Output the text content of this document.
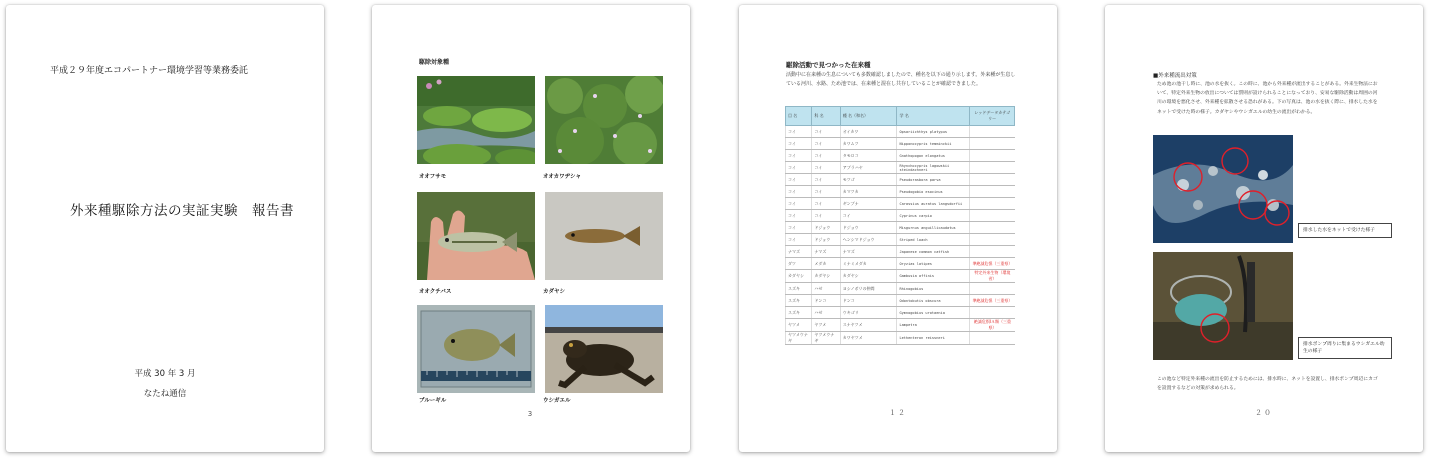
平成２９年度エコパートナー環境学習等業務委託
外来種駆除方法の実証実験　報告書
平成 30 年 3 月
なたね通信
駆除対象種
オオフサモ	オオカワヂシャ
オオクチバス	カダヤシ
ブルーギル	ウシガエル
3
駆除活動で見つかった在来種
活動中に在来種の生息についても多数確認しましたので、種名を以下の通り示します。外来種が生息している河川、水路、ため池では、在来種と混在し共存していることが確認できました。
目 名	科 名	種 名（和名）	学 名	レッドデータカテゴリー
コイ	コイ	オイカワ	Opsariichthys platypus	
コイ	コイ	カワムツ	Nipponocypris temminckii	
コイ	コイ	タモロコ	Gnathopogon elongatus	
コイ	コイ	アブラハヤ	Rhynchocypris lagowskii steindachneri	
コイ	コイ	モツゴ	Pseudorasbora parva	
コイ	コイ	カマツカ	Pseudogobio esocinus	
コイ	コイ	ギンブナ	Carassius auratus langsdorfii	
コイ	コイ	コイ	Cyprinus carpio	
コイ	ドジョウ	ドジョウ	Misgurnus anguillicaudatus	
コイ	ドジョウ	ヘンシマドジョウ	Striped loach	
ナマズ	ナマズ	ナマズ	Japanese common catfish	
ダツ	メダカ	ミナミメダカ	Oryzias latipes	準絶滅危惧（三重県）
カダヤシ	カダヤシ	カダヤシ	Gambusia affinis	特定外来生物（環境省）
スズキ	ハゼ	ヨシノボリの仲間	Rhinogobius	
スズキ	ドンコ	ドンコ	Odontobutis obscura	準絶滅危惧（三重県）
スズキ	ハゼ	ウキゴリ	Gymnogobius urotaenia	
ヤツメ	ヤツメ	スナヤツメ	Lampetra	絶滅危惧ⅠＡ類（三重県）
ヤツメウナギ	ヤツメウナギ	カワヤツメ	Lethenteron reissneri	
１２
■外来種流出対策
ため池の池干し時に、池の水を抜く。この時に、池から外来種が流出することがある。外来生物法において、特定外来生物の放出については罰則が設けられることになっており、安易な駆除活動は周囲の河川の環境を悪化させ、外来種を拡散させる恐れがある。下の写真は、池の水を抜く際に、排水した水をネットで受けた時の様子。カダヤシやウシガエルの幼生の流出がわかる。
排水した水をネットで受けた様子
排水ポンプ周りに集まるウシガエル幼生の様子
この池など特定外来種の流出を防止するためには、排水時に、ネットを設置し、排水ポンプ周辺にカゴを設置するなどの対策が求められる。
２０
